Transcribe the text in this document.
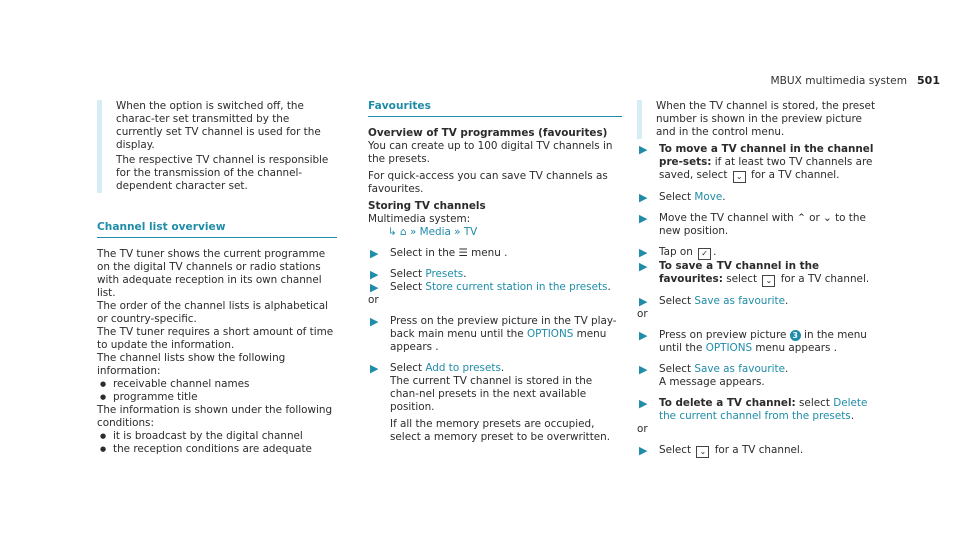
MBUX multimedia system 501

When the option is switched off, the charac-ter set transmitted by the currently set TV channel is used for the display.

The respective TV channel is responsible for the transmission of the channel-dependent character set.

Channel list overview

The TV tuner shows the current programme on the digital TV channels or radio stations with adequate reception in its own channel list.

The order of the channel lists is alphabetical or country-specific.

The TV tuner requires a short amount of time to update the information.

The channel lists show the following information:

● receivable channel names

● programme title

The information is shown under the following conditions:

● it is broadcast by the digital channel

● the reception conditions are adequate

Favourites

Overview of TV programmes (favourites)

You can create up to 100 digital TV channels in the presets.

For quick-access you can save TV channels as favourites.

Storing TV channels

Multimedia system:

↳ ⌂ » Media » TV

▶ Select in the ☰ menu .

▶ Select Presets.

▶ Select Store current station in the presets.

or

▶ Press on the preview picture in the TV play-back main menu until the OPTIONS menu appears .

▶ Select Add to presets.

The current TV channel is stored in the chan-nel presets in the next available position.

If all the memory presets are occupied, select a memory preset to be overwritten.

When the TV channel is stored, the preset number is shown in the preview picture and in the control menu.

▶ To move a TV channel in the channel pre-sets: if at least two TV channels are saved, select ⌄ for a TV channel.

▶ Select Move.

▶ Move the TV channel with ⌃ or ⌄ to the new position.

▶ Tap on ✓ .

▶ To save a TV channel in the favourites: select ⌄ for a TV channel.

▶ Select Save as favourite.

or

▶ Press on preview picture 3 in the menu until the OPTIONS menu appears .

▶ Select Save as favourite.

A message appears.

▶ To delete a TV channel: select Delete the current channel from the presets.

or

▶ Select ⌄ for a TV channel.
